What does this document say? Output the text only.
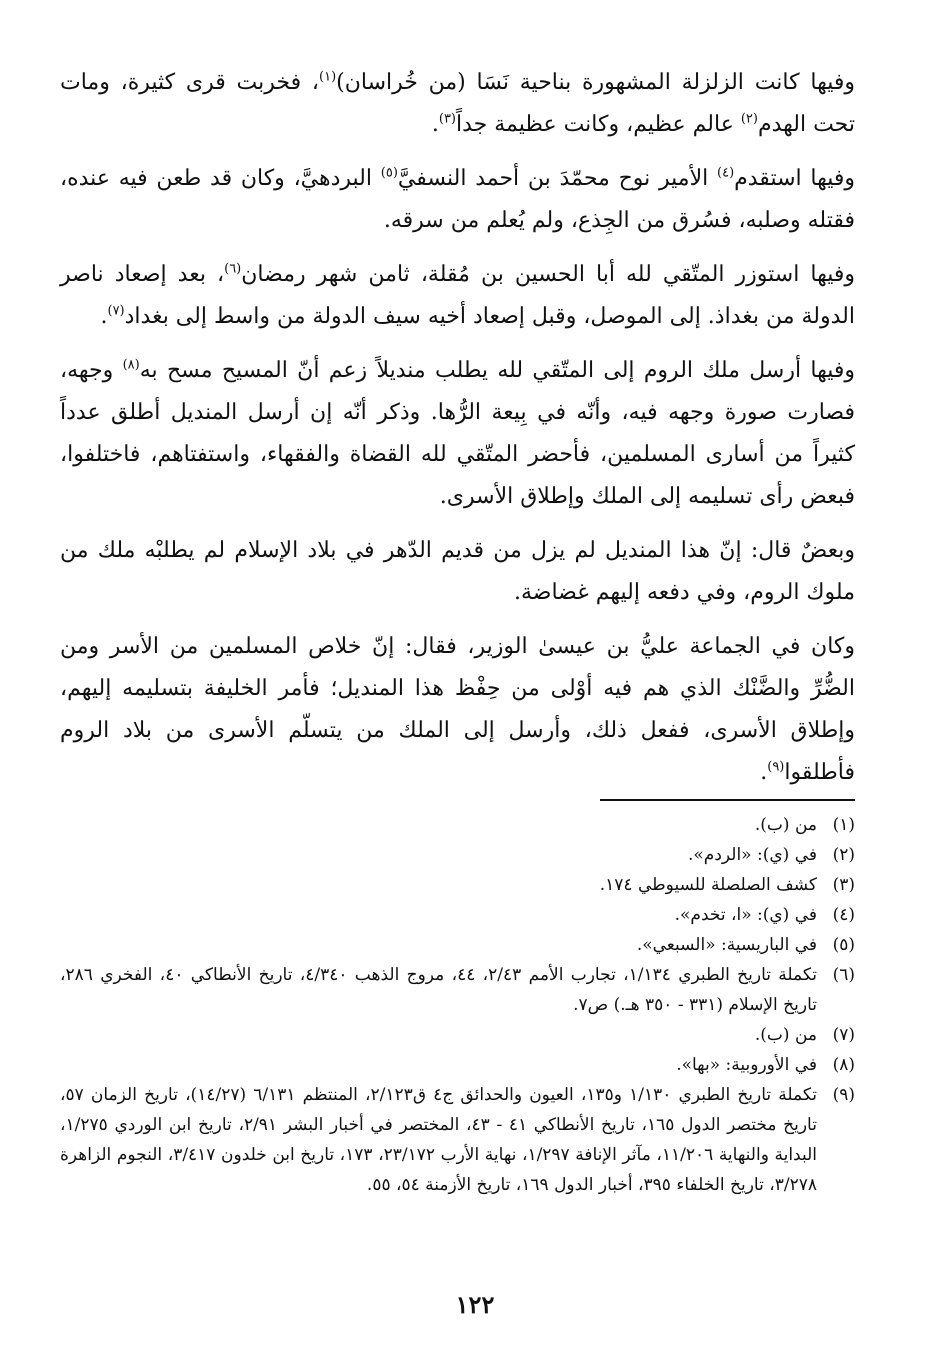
وفيها كانت الزلزلة المشهورة بناحية نَسَا (من خُراسان)$^{(١)}$، فخربت قرى كثيرة، ومات تحت الهدم$^{(٢)}$ عالم عظيم، وكانت عظيمة جداً$^{(٣)}$.

وفيها استقدم$^{(٤)}$ الأمير نوح محمّدَ بن أحمد النسفيَّ$^{(٥)}$ البردهيَّ، وكان قد طعن فيه عنده، فقتله وصلبه، فسُرق من الجِذع، ولم يُعلم من سرقه.

وفيها استوزر المتّقي لله أبا الحسين بن مُقلة، ثامن شهر رمضان$^{(٦)}$، بعد إصعاد ناصر الدولة من بغداذ. إلى الموصل، وقبل إصعاد أخيه سيف الدولة من واسط إلى بغداد$^{(٧)}$.

وفيها أرسل ملك الروم إلى المتّقي لله يطلب منديلاً زعم أنّ المسيح مسح به$^{(٨)}$ وجهه، فصارت صورة وجهه فيه، وأنّه في بِيعة الرُّها. وذكر أنّه إن أرسل المنديل أطلق عدداً كثيراً من أسارى المسلمين، فأحضر المتّقي لله القضاة والفقهاء، واستفتاهم، فاختلفوا، فبعض رأى تسليمه إلى الملك وإطلاق الأسرى.

وبعضٌ قال: إنّ هذا المنديل لم يزل من قديم الدّهر في بلاد الإسلام لم يطلبْه ملك من ملوك الروم، وفي دفعه إليهم غضاضة.

وكان في الجماعة عليُّ بن عيسىٰ الوزير، فقال: إنّ خلاص المسلمين من الأسر ومن الضُّرِّ والضَّنْك الذي هم فيه أوْلى من حِفْظ هذا المنديل؛ فأمر الخليفة بتسليمه إليهم، وإطلاق الأسرى، ففعل ذلك، وأرسل إلى الملك من يتسلّم الأسرى من بلاد الروم فأطلقوا$^{(٩)}$.

(١)
من (ب).
(٢)
في (ي): «الردم».
(٣)
كشف الصلصلة للسيوطي ١٧٤.
(٤)
في (ي): «ا، تخدم».
(٥)
في الباريسية: «السبعي».
(٦)
تكملة تاريخ الطبري ١/١٣٤، تجارب الأمم ٢/٤٣، ٤٤، مروج الذهب ٤/٣٤٠، تاريخ الأنطاكي ٤٠، الفخري ٢٨٦، تاريخ الإسلام (٣٣١ - ٣٥٠ هـ.) ص٧.
(٧)
من (ب).
(٨)
في الأوروبية: «بها».
(٩)
تكملة تاريخ الطبري ١/١٣٠ و١٣٥، العيون والحدائق ج٤ ق٢/١٢٣، المنتظم ٦/١٣١ (١٤/٢٧)، تاريخ الزمان ٥٧، تاريخ مختصر الدول ١٦٥، تاريخ الأنطاكي ٤١ - ٤٣، المختصر في أخبار البشر ٢/٩١، تاريخ ابن الوردي ١/٢٧٥، البداية والنهاية ١١/٢٠٦، مآثر الإنافة ١/٢٩٧، نهاية الأرب ٢٣/١٧٢، ١٧٣، تاريخ ابن خلدون ٣/٤١٧، النجوم الزاهرة ٣/٢٧٨، تاريخ الخلفاء ٣٩٥، أخبار الدول ١٦٩، تاريخ الأزمنة ٥٤، ٥٥.
١٢٢
